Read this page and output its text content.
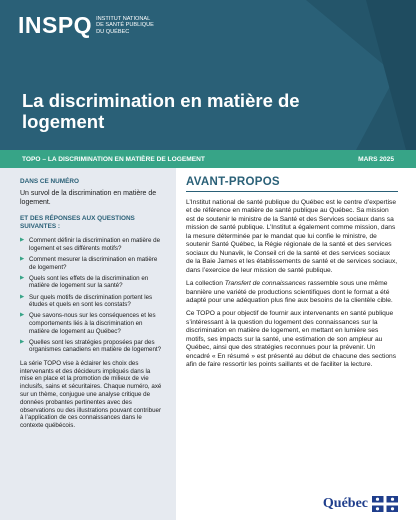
INSPQ INSTITUT NATIONAL
DE SANTÉ PUBLIQUE
DU QUÉBEC
La discrimination en matière de logement
TOPO – LA DISCRIMINATION EN MATIÈRE DE LOGEMENT	MARS 2025
DANS CE NUMÉRO
Un survol de la discrimination en matière de logement.
ET DES RÉPONSES AUX QUESTIONS SUIVANTES :
▶ Comment définir la discrimination en matière de logement et ses différents motifs?
▶ Comment mesurer la discrimination en matière de logement?
▶ Quels sont les effets de la discrimination en matière de logement sur la santé?
▶ Sur quels motifs de discrimination portent les études et quels en sont les constats?
▶ Que savons-nous sur les conséquences et les comportements liés à la discrimination en matière de logement au Québec?
▶ Quelles sont les stratégies proposées par des organismes canadiens en matière de logement?
La série TOPO vise à éclairer les choix des intervenants et des décideurs impliqués dans la mise en place et la promotion de milieux de vie inclusifs, sains et sécuritaires. Chaque numéro, axé sur un thème, conjugue une analyse critique de données probantes pertinentes avec des observations ou des illustrations pouvant contribuer à l’application de ces connaissances dans le contexte québécois.
AVANT-PROPOS

L’Institut national de santé publique du Québec est le centre d’expertise et de référence en matière de santé publique au Québec. Sa mission est de soutenir le ministre de la Santé et des Services sociaux dans sa mission de santé publique. L’Institut a également comme mission, dans la mesure déterminée par le mandat que lui confie le ministre, de soutenir Santé Québec, la Régie régionale de la santé et des services sociaux du Nunavik, le Conseil cri de la santé et des services sociaux de la Baie James et les établissements de santé et de services sociaux, dans l’exercice de leur mission de santé publique.

La collection Transfert de connaissances rassemble sous une même bannière une variété de productions scientifiques dont le format a été adapté pour une adéquation plus fine aux besoins de la clientèle cible.

Ce TOPO a pour objectif de fournir aux intervenants en santé publique s’intéressant à la question du logement des connaissances sur la discrimination en matière de logement, en mettant en lumière ses motifs, ses impacts sur la santé, une estimation de son ampleur au Québec, ainsi que des stratégies reconnues pour la prévenir. Un encadré « En résumé » est présenté au début de chacune des sections afin de faire ressortir les points saillants et de faciliter la lecture.

Québec
